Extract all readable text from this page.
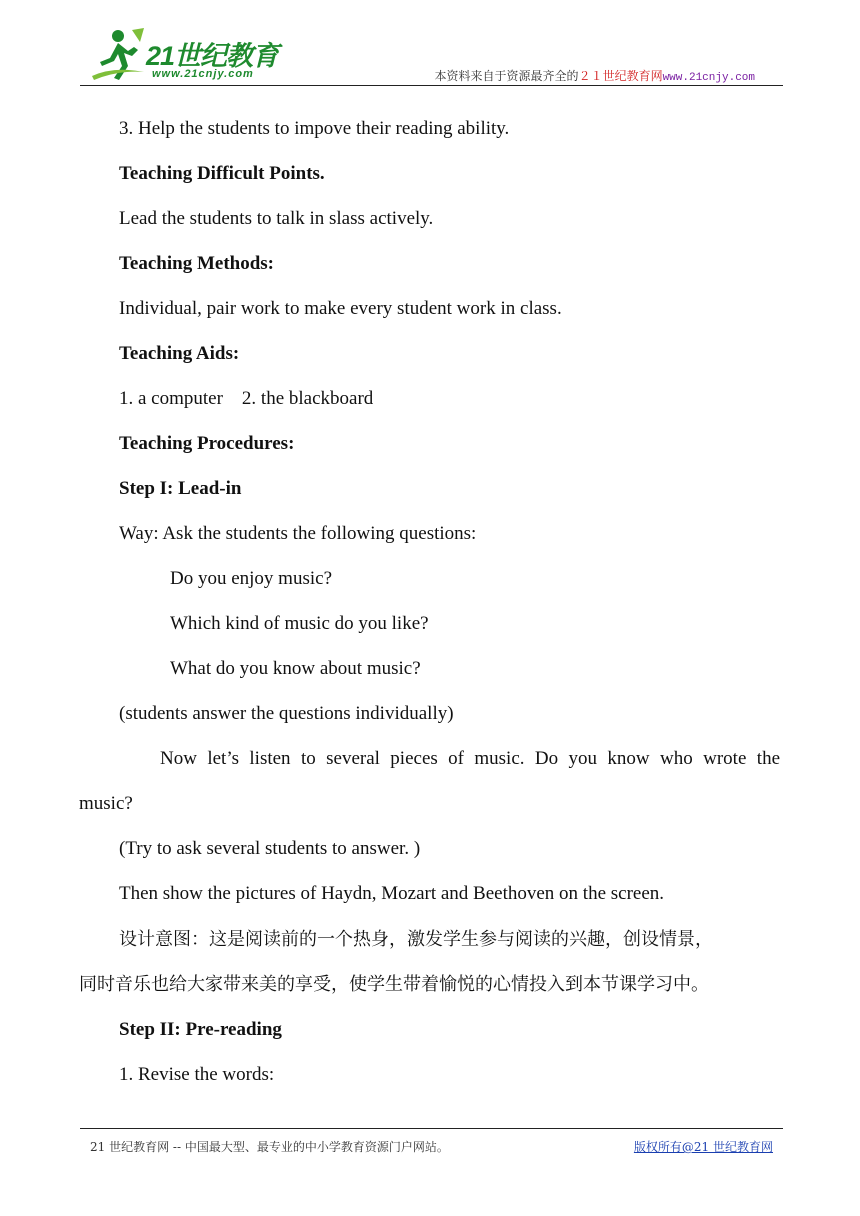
21世纪教育
www.21cnjy.com	本资料来自于资源最齐全的２１世纪教育网www.21cnjy.com
3. Help the students to impove their reading ability.
Teaching Difficult Points.
Lead the students to talk in slass actively.
Teaching Methods:
Individual, pair work to make every student work in class.
Teaching Aids:
1. a computer    2. the blackboard
Teaching Procedures:
Step I: Lead-in
Way: Ask the students the following questions:
Do you enjoy music?
Which kind of music do you like?
What do you know about music?
(students answer the questions individually)
Now let’s listen to several pieces of music. Do you know who wrote the
music?
(Try to ask several students to answer. )
Then show the pictures of Haydn, Mozart and Beethoven on the screen.
设计意图：这是阅读前的一个热身，激发学生参与阅读的兴趣，创设情景，
同时音乐也给大家带来美的享受，使学生带着愉悦的心情投入到本节课学习中。
Step II: Pre-reading
1. Revise the words:
21 世纪教育网 -- 中国最大型、最专业的中小学教育资源门户网站。	版权所有@21 世纪教育网
